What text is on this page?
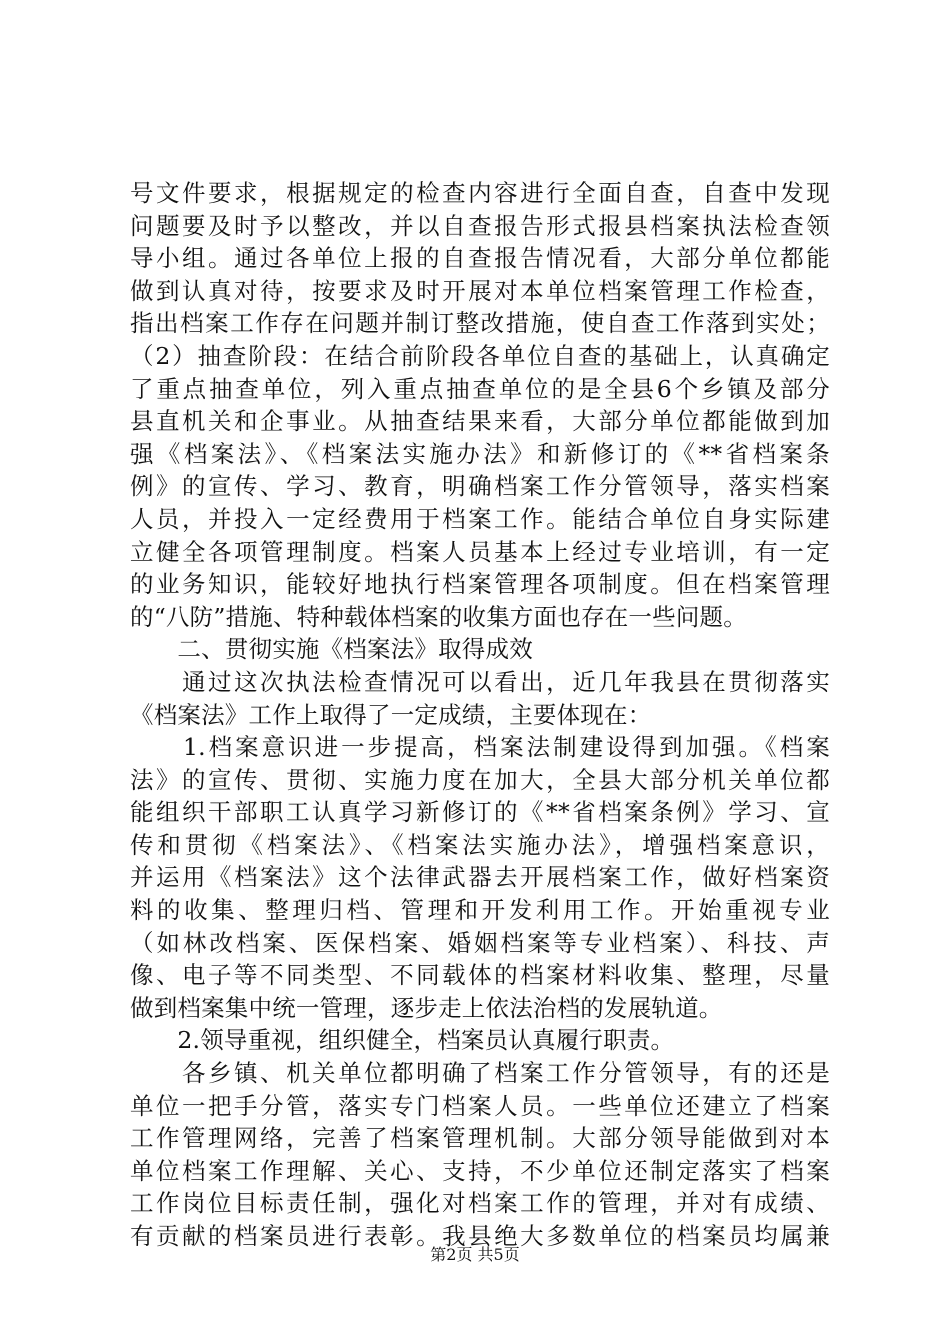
号文件要求，根据规定的检查内容进行全面自查，自查中发现
问题要及时予以整改，并以自查报告形式报县档案执法检查领
导小组。通过各单位上报的自查报告情况看，大部分单位都能
做到认真对待，按要求及时开展对本单位档案管理工作检查，
指出档案工作存在问题并制订整改措施，使自查工作落到实处；
（2）抽查阶段：在结合前阶段各单位自查的基础上，认真确定
了重点抽查单位，列入重点抽查单位的是全县6个乡镇及部分
县直机关和企事业。从抽查结果来看，大部分单位都能做到加
强《档案法》、《档案法实施办法》和新修订的《**省档案条
例》的宣传、学习、教育，明确档案工作分管领导，落实档案
人员，并投入一定经费用于档案工作。能结合单位自身实际建
立健全各项管理制度。档案人员基本上经过专业培训，有一定
的业务知识，能较好地执行档案管理各项制度。但在档案管理
的“八防”措施、特种载体档案的收集方面也存在一些问题。
　　二、贯彻实施《档案法》取得成效
　　通过这次执法检查情况可以看出，近几年我县在贯彻落实
《档案法》工作上取得了一定成绩，主要体现在：
　　1.档案意识进一步提高，档案法制建设得到加强。《档案
法》的宣传、贯彻、实施力度在加大，全县大部分机关单位都
能组织干部职工认真学习新修订的《**省档案条例》学习、宣
传和贯彻《档案法》、《档案法实施办法》，增强档案意识，
并运用《档案法》这个法律武器去开展档案工作，做好档案资
料的收集、整理归档、管理和开发利用工作。开始重视专业
（如林改档案、医保档案、婚姻档案等专业档案）、科技、声
像、电子等不同类型、不同载体的档案材料收集、整理，尽量
做到档案集中统一管理，逐步走上依法治档的发展轨道。
　　2.领导重视，组织健全，档案员认真履行职责。
　　各乡镇、机关单位都明确了档案工作分管领导，有的还是
单位一把手分管，落实专门档案人员。一些单位还建立了档案
工作管理网络，完善了档案管理机制。大部分领导能做到对本
单位档案工作理解、关心、支持，不少单位还制定落实了档案
工作岗位目标责任制，强化对档案工作的管理，并对有成绩、
有贡献的档案员进行表彰。我县绝大多数单位的档案员均属兼
第2页 共5页
